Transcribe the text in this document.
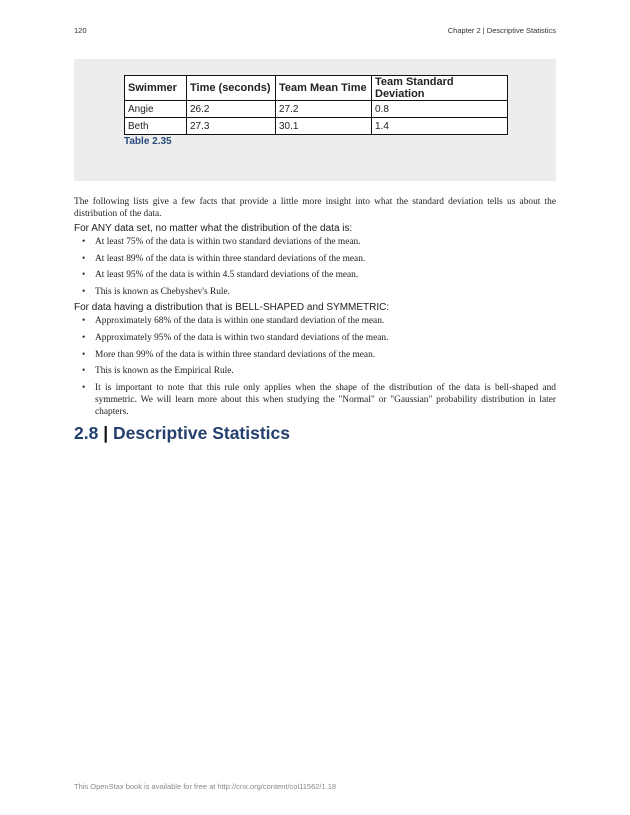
120	Chapter 2 | Descriptive Statistics
Swimmer	Time (seconds)	Team Mean Time	Team Standard Deviation
Angie	26.2	27.2	0.8
Beth	27.3	30.1	1.4
Table 2.35

The following lists give a few facts that provide a little more insight into what the standard deviation tells us about the distribution of the data.

For ANY data set, no matter what the distribution of the data is:

• At least 75% of the data is within two standard deviations of the mean.
• At least 89% of the data is within three standard deviations of the mean.
• At least 95% of the data is within 4.5 standard deviations of the mean.
• This is known as Chebyshev's Rule.

For data having a distribution that is BELL-SHAPED and SYMMETRIC:

• Approximately 68% of the data is within one standard deviation of the mean.
• Approximately 95% of the data is within two standard deviations of the mean.
• More than 99% of the data is within three standard deviations of the mean.
• This is known as the Empirical Rule.
• It is important to note that this rule only applies when the shape of the distribution of the data is bell-shaped and symmetric. We will learn more about this when studying the "Normal" or "Gaussian" probability distribution in later chapters.
2.8 | Descriptive Statistics
This OpenStax book is available for free at http://cnx.org/content/col11562/1.18
